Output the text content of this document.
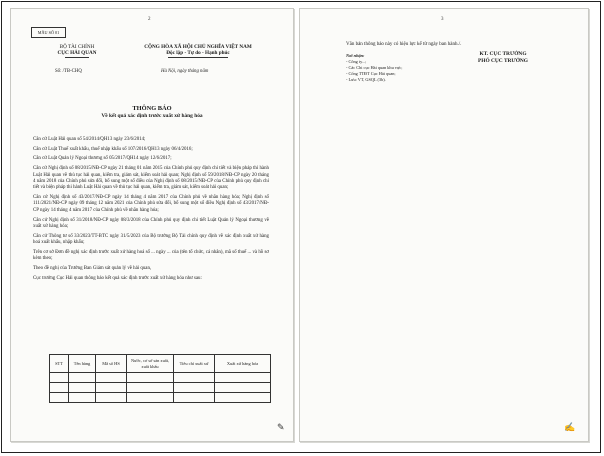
2
MẪU SỐ 01
BỘ TÀI CHÍNH
CỤC HẢI QUAN
CỘNG HÒA XÃ HỘI CHỦ NGHĨA VIỆT NAM
Độc lập - Tự do - Hạnh phúc
Số: /TB-CHQ	Hà Nội, ngày tháng năm
THÔNG BÁO
Về kết quả xác định trước xuất xứ hàng hóa

Căn cứ Luật Hải quan số 54/2014/QH13 ngày 23/6/2014;

Căn cứ Luật Thuế xuất khẩu, thuế nhập khẩu số 107/2016/QH13 ngày 06/4/2016;

Căn cứ Luật Quản lý Ngoại thương số 05/2017/QH14 ngày 12/6/2017;

Căn cứ Nghị định số 08/2015/NĐ-CP ngày 21 tháng 01 năm 2015 của Chính phủ quy định chi tiết và biện pháp thi hành Luật Hải quan về thủ tục hải quan, kiểm tra, giám sát, kiểm soát hải quan; Nghị định số 59/2018/NĐ-CP ngày 20 tháng 4 năm 2018 của Chính phủ sửa đổi, bổ sung một số điều của Nghị định số 08/2015/NĐ-CP của Chính phủ quy định chi tiết và biện pháp thi hành Luật Hải quan về thủ tục hải quan, kiểm tra, giám sát, kiểm soát hải quan;

Căn cứ Nghị định số 43/2017/NĐ-CP ngày 14 tháng 4 năm 2017 của Chính phủ về nhãn hàng hóa; Nghị định số 111/2021/NĐ-CP ngày 09 tháng 12 năm 2021 của Chính phủ sửa đổi, bổ sung một số điều Nghị định số 43/2017/NĐ-CP ngày 14 tháng 4 năm 2017 của Chính phủ về nhãn hàng hóa;

Căn cứ Nghị định số 31/2018/NĐ-CP ngày 08/3/2018 của Chính phủ quy định chi tiết Luật Quản lý Ngoại thương về xuất xứ hàng hóa;

Căn cứ Thông tư số 33/2023/TT-BTC ngày 31/5/2023 của Bộ trưởng Bộ Tài chính quy định về xác định xuất xứ hàng hoá xuất khẩu, nhập khẩu;

Trên cơ sở Đơn đề nghị xác định trước xuất xứ hàng hoá số ... ngày ... của (tên tổ chức, cá nhân), mã số thuế ... và hồ sơ kèm theo;

Theo đề nghị của Trưởng Ban Giám sát quản lý về hải quan,

Cục trưởng Cục Hải quan thông báo kết quả xác định trước xuất xứ hàng hóa như sau:

STT	Tên hàng	Mã số HS	Nước, cơ sở sản xuất, xuất khẩu	Tiêu chí xuất xứ	Xuất xứ hàng hóa

✎
3
Văn bản thông báo này có hiệu lực kể từ ngày ban hành./.
Nơi nhận:
- Công ty...;
- Các Chi cục Hải quan khu vực;
- Cổng TTĐT Cục Hải quan;
- Lưu: VT, GSQL (3b).
KT. CỤC TRƯỞNG
PHÓ CỤC TRƯỞNG
✍
